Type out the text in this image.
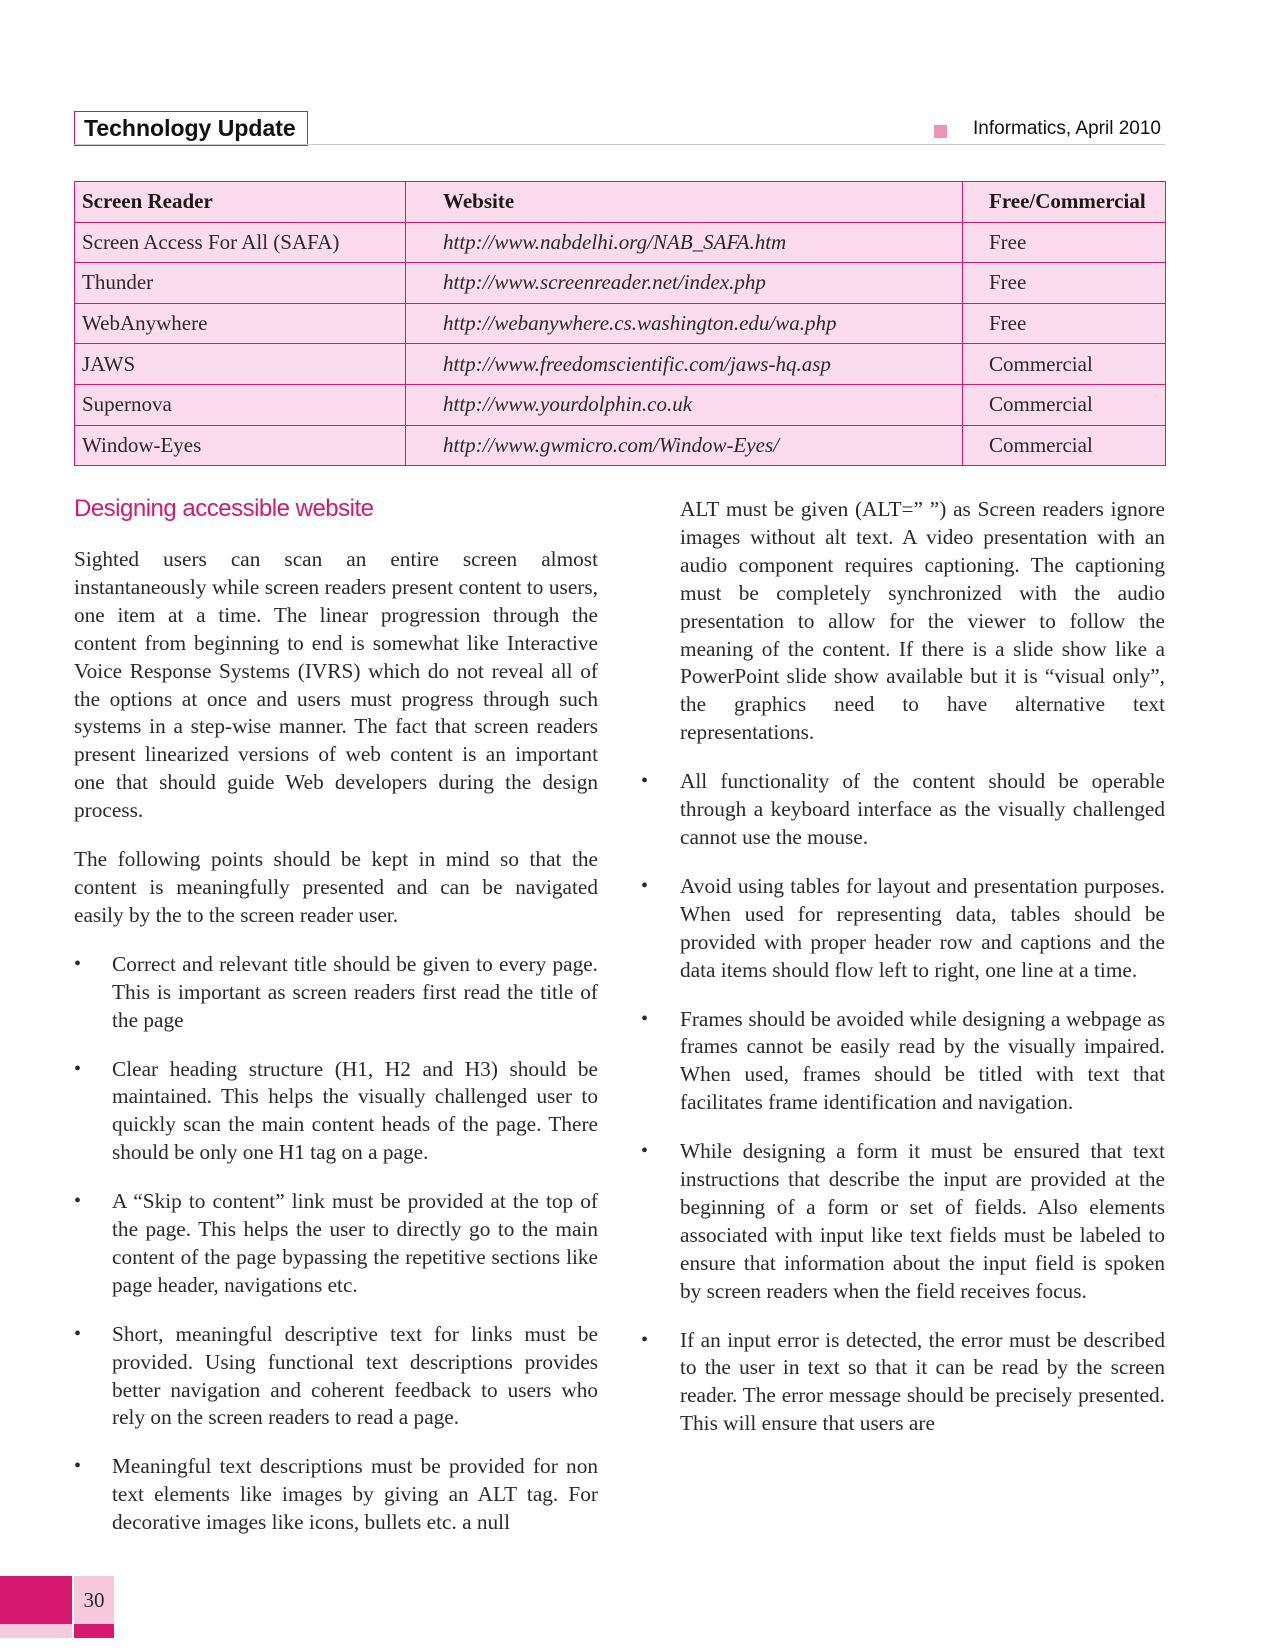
Technology Update	Informatics, April 2010
Screen Reader	Website	Free/Commercial
Screen Access For All (SAFA)	http://www.nabdelhi.org/NAB_SAFA.htm	Free
Thunder	http://www.screenreader.net/index.php	Free
WebAnywhere	http://webanywhere.cs.washington.edu/wa.php	Free
JAWS	http://www.freedomscientific.com/jaws-hq.asp	Commercial
Supernova	http://www.yourdolphin.co.uk	Commercial
Window-Eyes	http://www.gwmicro.com/Window-Eyes/	Commercial
Designing accessible website

Sighted users can scan an entire screen almost instantaneously while screen readers present content to users, one item at a time. The linear progression through the content from beginning to end is somewhat like Interactive Voice Response Systems (IVRS) which do not reveal all of the options at once and users must progress through such systems in a step-wise manner. The fact that screen readers present linearized versions of web content is an important one that should guide Web developers during the design process.

The following points should be kept in mind so that the content is meaningfully presented and can be navigated easily by the to the screen reader user.

• Correct and relevant title should be given to every page. This is important as screen readers first read the title of the page
• Clear heading structure (H1, H2 and H3) should be maintained. This helps the visually challenged user to quickly scan the main content heads of the page. There should be only one H1 tag on a page.
• A “Skip to content” link must be provided at the top of the page. This helps the user to directly go to the main content of the page bypassing the repetitive sections like page header, navigations etc.
• Short, meaningful descriptive text for links must be provided. Using functional text descriptions provides better navigation and coherent feedback to users who rely on the screen readers to read a page.
• Meaningful text descriptions must be provided for non text elements like images by giving an ALT tag. For decorative images like icons, bullets etc. a null
ALT must be given (ALT=” ”) as Screen readers ignore images without alt text. A video presentation with an audio component requires captioning. The captioning must be completely synchronized with the audio presentation to allow for the viewer to follow the meaning of the content. If there is a slide show like a PowerPoint slide show available but it is “visual only”, the graphics need to have alternative text representations.
• All functionality of the content should be operable through a keyboard interface as the visually challenged cannot use the mouse.
• Avoid using tables for layout and presentation purposes. When used for representing data, tables should be provided with proper header row and captions and the data items should flow left to right, one line at a time.
• Frames should be avoided while designing a webpage as frames cannot be easily read by the visually impaired. When used, frames should be titled with text that facilitates frame identification and navigation.
• While designing a form it must be ensured that text instructions that describe the input are provided at the beginning of a form or set of fields. Also elements associated with input like text fields must be labeled to ensure that information about the input field is spoken by screen readers when the field receives focus.
• If an input error is detected, the error must be described to the user in text so that it can be read by the screen reader. The error message should be precisely presented. This will ensure that users are
30
